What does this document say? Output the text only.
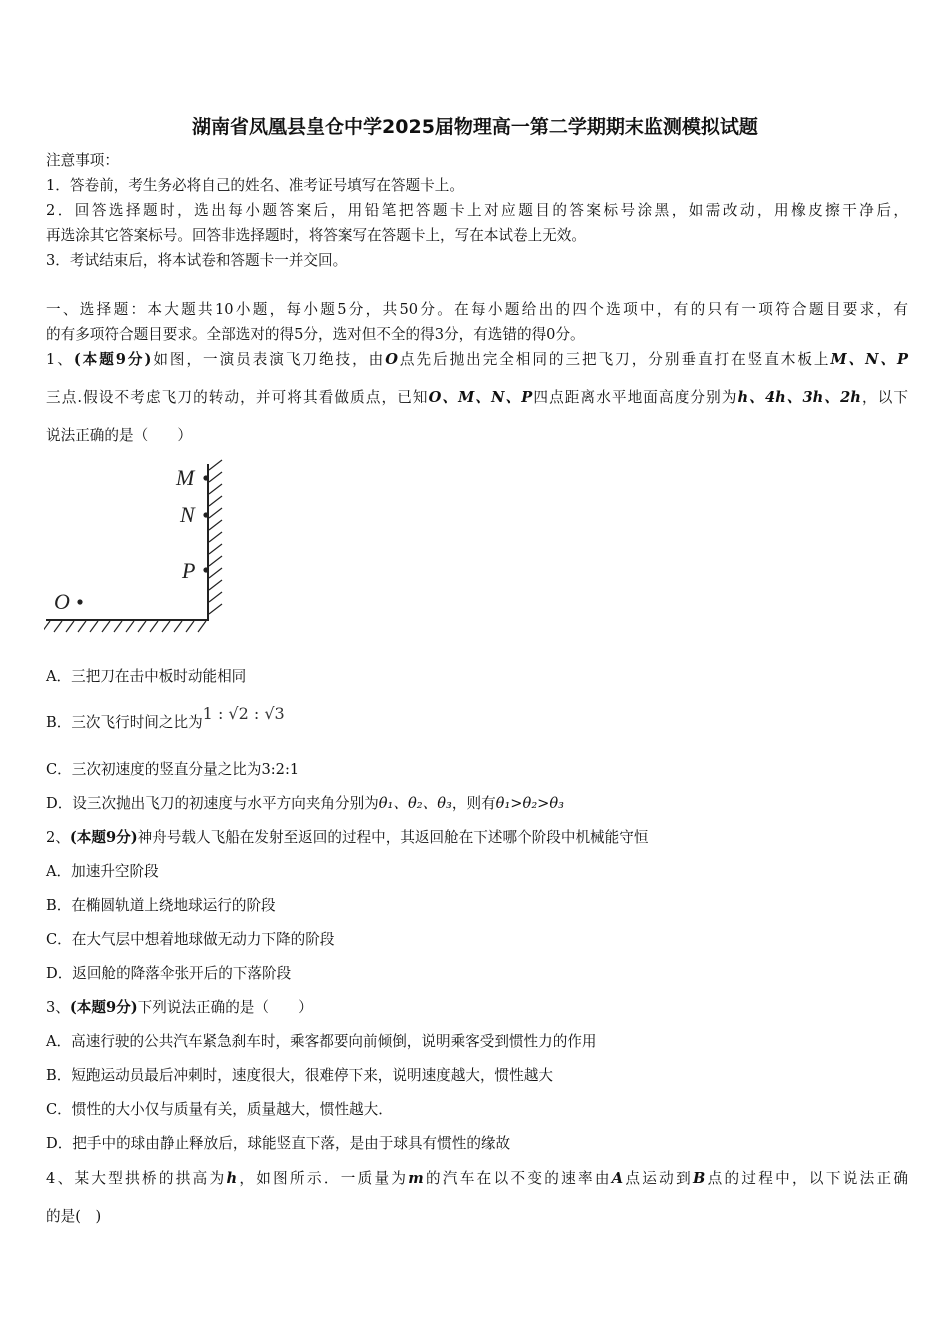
湖南省凤凰县皇仓中学2025届物理高一第二学期期末监测模拟试题
注意事项：
1．答卷前，考生务必将自己的姓名、准考证号填写在答题卡上。
2．回答选择题时，选出每小题答案后，用铅笔把答题卡上对应题目的答案标号涂黑，如需改动，用橡皮擦干净后，
再选涂其它答案标号。回答非选择题时，将答案写在答题卡上，写在本试卷上无效。
3．考试结束后，将本试卷和答题卡一并交回。
一、选择题：本大题共10小题，每小题5分，共50分。在每小题给出的四个选项中，有的只有一项符合题目要求，有
的有多项符合题目要求。全部选对的得5分，选对但不全的得3分，有选错的得0分。
1、(本题9分)如图，一演员表演飞刀绝技，由O点先后抛出完全相同的三把飞刀，分别垂直打在竖直木板上M、N、P
三点.假设不考虑飞刀的转动，并可将其看做质点，已知O、M、N、P四点距离水平地面高度分别为h、4h、3h、2h，以下
说法正确的是（　　）
M
N
P
O
A．三把刀在击中板时动能相同
B．三次飞行时间之比为1 : √2 : √3
C．三次初速度的竖直分量之比为3:2:1
D．设三次抛出飞刀的初速度与水平方向夹角分别为θ₁、θ₂、θ₃，则有θ₁>θ₂>θ₃
2、(本题9分)神舟号载人飞船在发射至返回的过程中，其返回舱在下述哪个阶段中机械能守恒
A．加速升空阶段
B．在椭圆轨道上绕地球运行的阶段
C．在大气层中想着地球做无动力下降的阶段
D．返回舱的降落伞张开后的下落阶段
3、(本题9分)下列说法正确的是（　　）
A．高速行驶的公共汽车紧急刹车时，乘客都要向前倾倒，说明乘客受到惯性力的作用
B．短跑运动员最后冲刺时，速度很大，很难停下来，说明速度越大，惯性越大
C．惯性的大小仅与质量有关，质量越大，惯性越大．
D．把手中的球由静止释放后，球能竖直下落，是由于球具有惯性的缘故
4、某大型拱桥的拱高为h，如图所示．一质量为m的汽车在以不变的速率由A点运动到B点的过程中，以下说法正确
的是(　)
